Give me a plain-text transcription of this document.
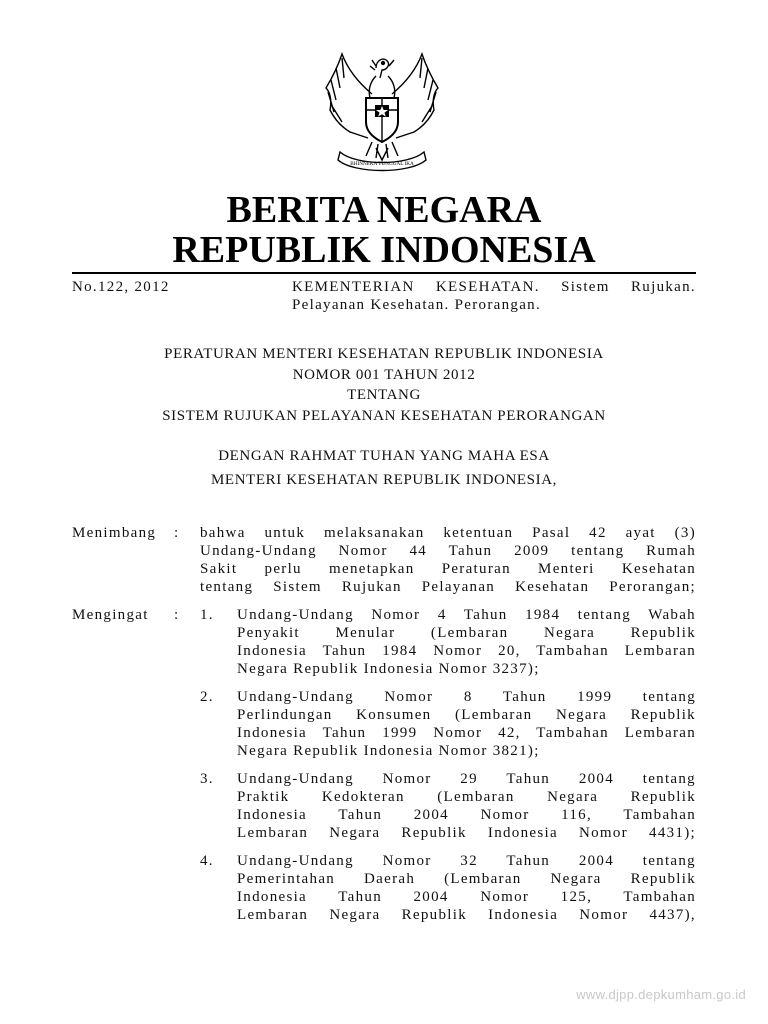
BHINNEKA TUNGGAL IKA
BERITA NEGARA
REPUBLIK INDONESIA
No.122, 2012	KEMENTERIAN KESEHATAN. Sistem Rujukan.
Pelayanan Kesehatan. Perorangan.
PERATURAN MENTERI KESEHATAN REPUBLIK INDONESIA
NOMOR 001 TAHUN 2012
TENTANG
SISTEM RUJUKAN PELAYANAN KESEHATAN PERORANGAN
DENGAN RAHMAT TUHAN YANG MAHA ESA
MENTERI KESEHATAN REPUBLIK INDONESIA,
Menimbang : bahwa untuk melaksanakan ketentuan Pasal 42 ayat (3)
Undang-Undang Nomor 44 Tahun 2009 tentang Rumah
Sakit perlu menetapkan Peraturan Menteri Kesehatan
tentang Sistem Rujukan Pelayanan Kesehatan Perorangan;
Mengingat : 1. Undang-Undang Nomor 4 Tahun 1984 tentang Wabah
Penyakit Menular (Lembaran Negara Republik
Indonesia Tahun 1984 Nomor 20, Tambahan Lembaran
Negara Republik Indonesia Nomor 3237);
2. Undang-Undang Nomor 8 Tahun 1999 tentang
Perlindungan Konsumen (Lembaran Negara Republik
Indonesia Tahun 1999 Nomor 42, Tambahan Lembaran
Negara Republik Indonesia Nomor 3821);
3. Undang-Undang Nomor 29 Tahun 2004 tentang
Praktik Kedokteran (Lembaran Negara Republik
Indonesia Tahun 2004 Nomor 116, Tambahan
Lembaran Negara Republik Indonesia Nomor 4431);
4. Undang-Undang Nomor 32 Tahun 2004 tentang
Pemerintahan Daerah (Lembaran Negara Republik
Indonesia Tahun 2004 Nomor 125, Tambahan
Lembaran Negara Republik Indonesia Nomor 4437),
www.djpp.depkumham.go.id
